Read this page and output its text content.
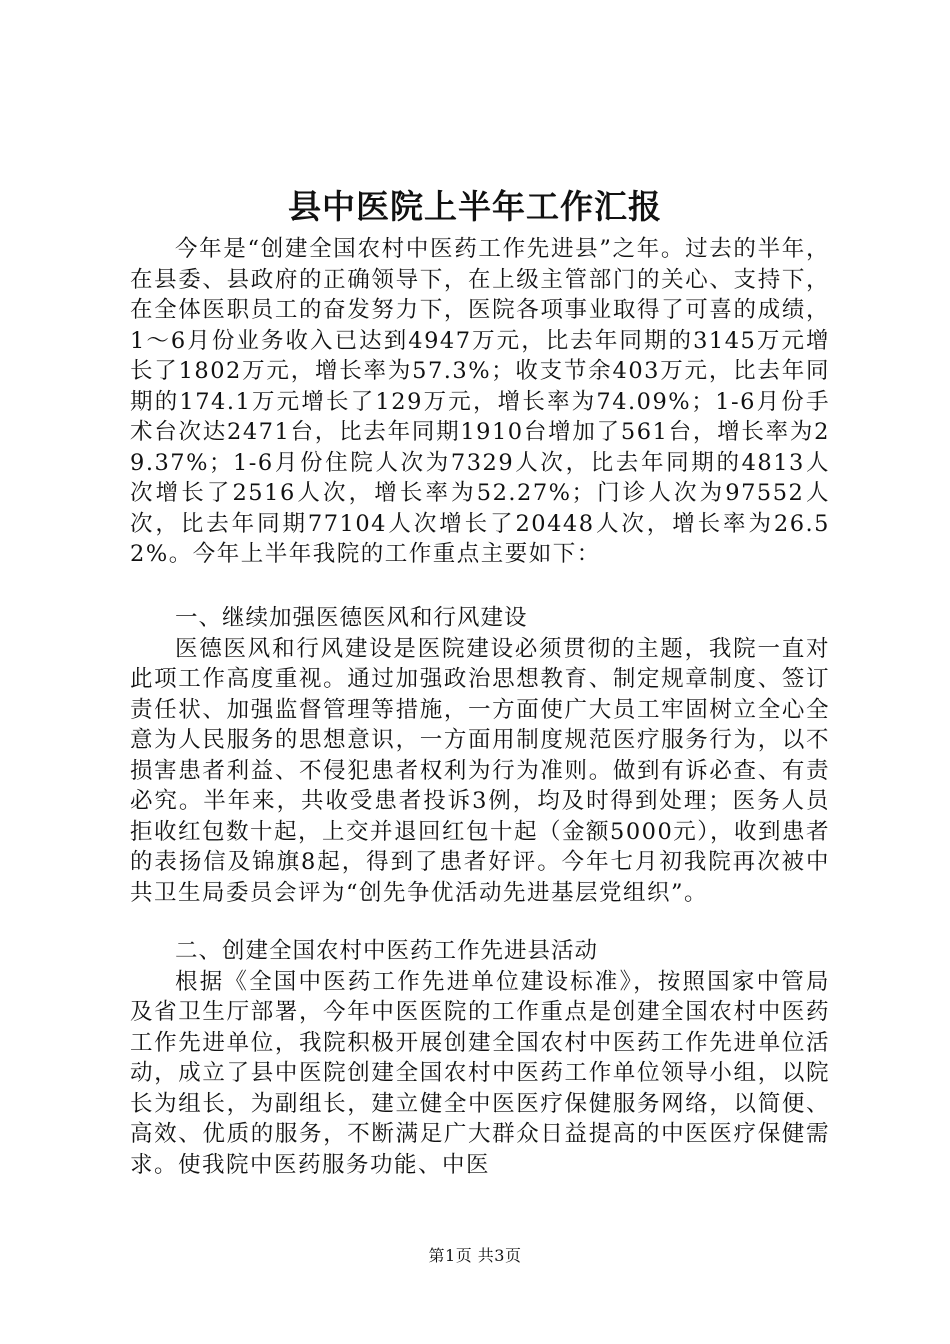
县中医院上半年工作汇报

今年是“创建全国农村中医药工作先进县”之年。过去的半年，在县委、县政府的正确领导下，在上级主管部门的关心、支持下，在全体医职员工的奋发努力下，医院各项事业取得了可喜的成绩，1～6月份业务收入已达到4947万元，比去年同期的3145万元增长了1802万元，增长率为57.3%；收支节余403万元，比去年同期的174.1万元增长了129万元，增长率为74.09%；1-6月份手术台次达2471台，比去年同期1910台增加了561台，增长率为29.37%；1-6月份住院人次为7329人次，比去年同期的4813人次增长了2516人次，增长率为52.27%；门诊人次为97552人次，比去年同期77104人次增长了20448人次，增长率为26.52%。今年上半年我院的工作重点主要如下：

一、继续加强医德医风和行风建设

医德医风和行风建设是医院建设必须贯彻的主题，我院一直对此项工作高度重视。通过加强政治思想教育、制定规章制度、签订责任状、加强监督管理等措施，一方面使广大员工牢固树立全心全意为人民服务的思想意识，一方面用制度规范医疗服务行为，以不损害患者利益、不侵犯患者权利为行为准则。做到有诉必查、有责必究。半年来，共收受患者投诉3例，均及时得到处理；医务人员拒收红包数十起，上交并退回红包十起（金额5000元），收到患者的表扬信及锦旗8起，得到了患者好评。今年七月初我院再次被中共卫生局委员会评为“创先争优活动先进基层党组织”。

二、创建全国农村中医药工作先进县活动

根据《全国中医药工作先进单位建设标准》，按照国家中管局及省卫生厅部署，今年中医医院的工作重点是创建全国农村中医药工作先进单位，我院积极开展创建全国农村中医药工作先进单位活动，成立了县中医院创建全国农村中医药工作单位领导小组，以院长为组长，为副组长，建立健全中医医疗保健服务网络，以简便、高效、优质的服务，不断满足广大群众日益提高的中医医疗保健需求。使我院中医药服务功能、中医

第1页 共3页
